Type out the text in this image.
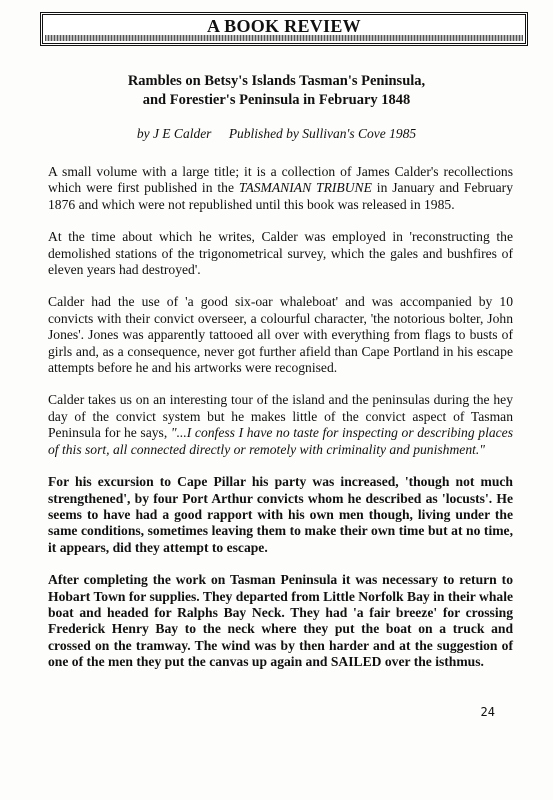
A BOOK REVIEW
Rambles on Betsy's Islands Tasman's Peninsula,
and Forestier's Peninsula in February 1848
by J E Calder Published by Sullivan's Cove 1985

A small volume with a large title; it is a collection of James Calder's recollections which were first published in the TASMANIAN TRIBUNE in January and February 1876 and which were not republished until this book was released in 1985.

At the time about which he writes, Calder was employed in 'reconstructing the demolished stations of the trigonometrical survey, which the gales and bushfires of eleven years had destroyed'.

Calder had the use of 'a good six-oar whaleboat' and was accompanied by 10 convicts with their convict overseer, a colourful character, 'the notorious bolter, John Jones'. Jones was apparently tattooed all over with everything from flags to busts of girls and, as a consequence, never got further afield than Cape Portland in his escape attempts before he and his artworks were recognised.

Calder takes us on an interesting tour of the island and the peninsulas during the hey day of the convict system but he makes little of the convict aspect of Tasman Peninsula for he says, "...I confess I have no taste for inspecting or describing places of this sort, all connected directly or remotely with criminality and punishment."

For his excursion to Cape Pillar his party was increased, 'though not much strengthened', by four Port Arthur convicts whom he described as 'locusts'. He seems to have had a good rapport with his own men though, living under the same conditions, sometimes leaving them to make their own time but at no time, it appears, did they attempt to escape.

After completing the work on Tasman Peninsula it was necessary to return to Hobart Town for supplies. They departed from Little Norfolk Bay in their whale boat and headed for Ralphs Bay Neck. They had 'a fair breeze' for crossing Frederick Henry Bay to the neck where they put the boat on a truck and crossed on the tramway. The wind was by then harder and at the suggestion of one of the men they put the canvas up again and SAILED over the isthmus.

24
